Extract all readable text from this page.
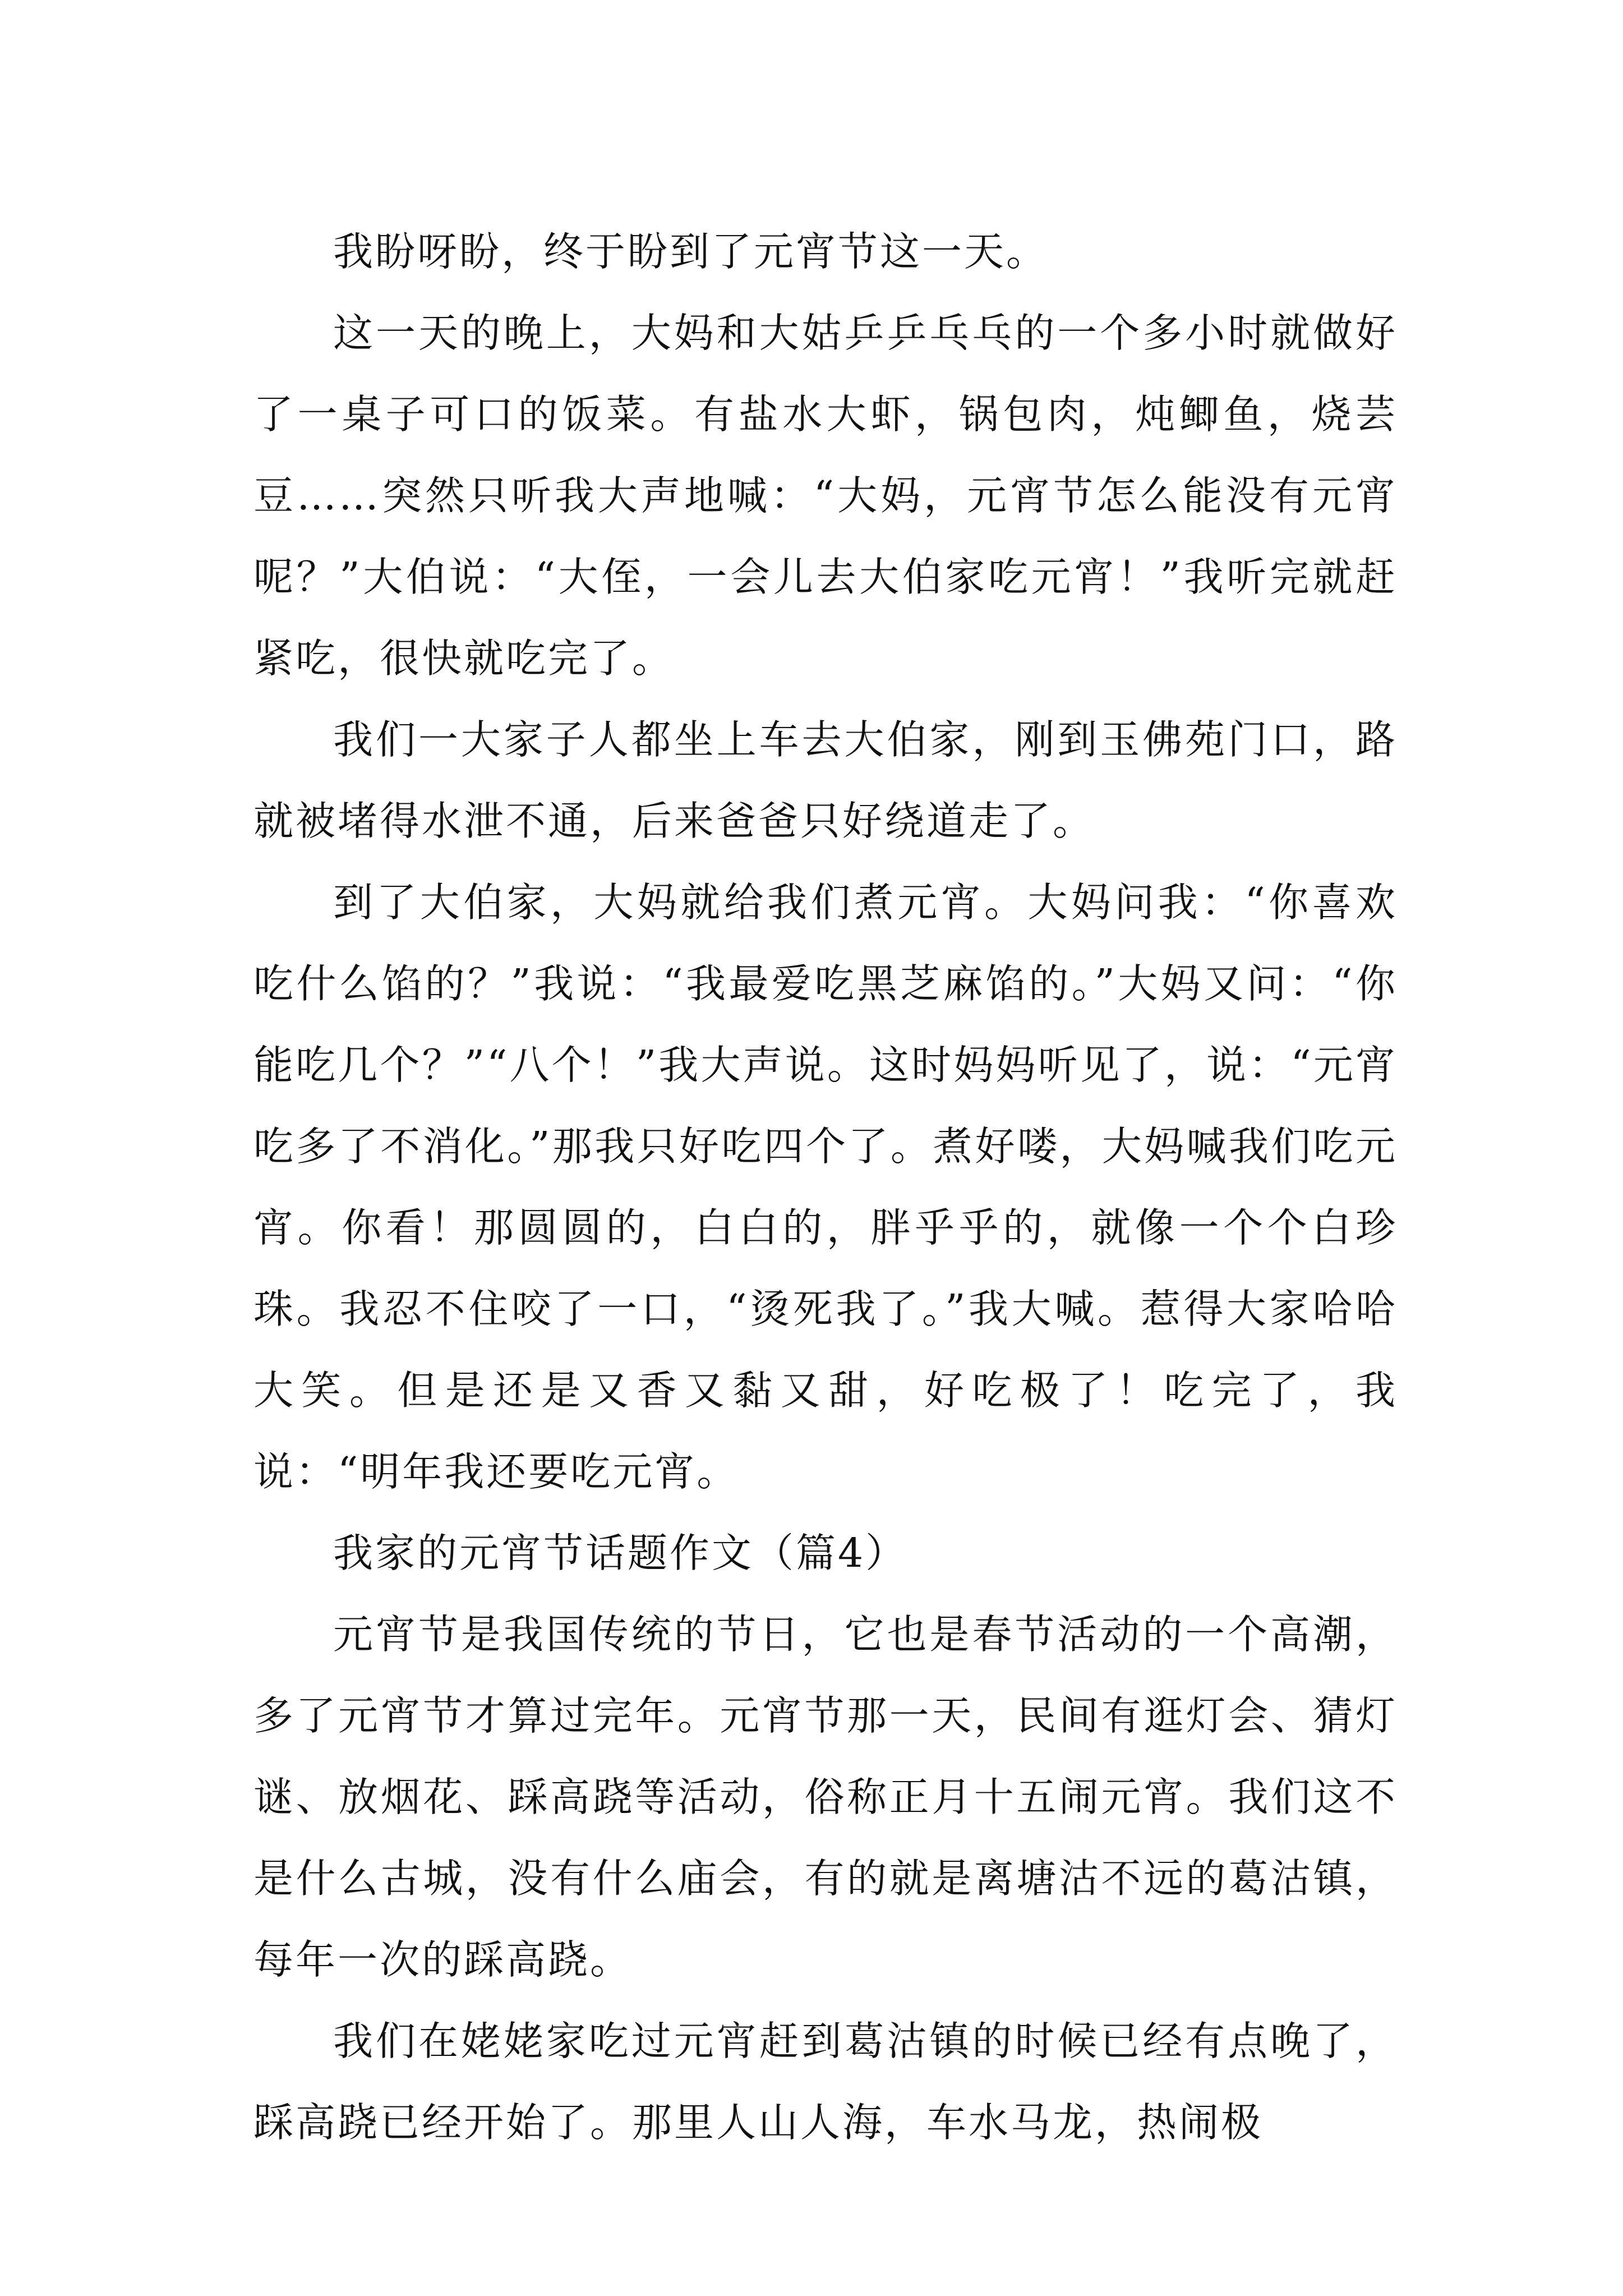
我盼呀盼，终于盼到了元宵节这一天。

这一天的晚上，大妈和大姑乒乒乓乓的一个多小时就做好了一桌子可口的饭菜。有盐水大虾，锅包肉，炖鲫鱼，烧芸豆……突然只听我大声地喊：“大妈，元宵节怎么能没有元宵呢？”大伯说：“大侄，一会儿去大伯家吃元宵！”我听完就赶紧吃，很快就吃完了。

我们一大家子人都坐上车去大伯家，刚到玉佛苑门口，路就被堵得水泄不通，后来爸爸只好绕道走了。

到了大伯家，大妈就给我们煮元宵。大妈问我：“你喜欢吃什么馅的？”我说：“我最爱吃黑芝麻馅的。”大妈又问：“你能吃几个？”“八个！”我大声说。这时妈妈听见了，说：“元宵吃多了不消化。”那我只好吃四个了。煮好喽，大妈喊我们吃元宵。你看！那圆圆的，白白的，胖乎乎的，就像一个个白珍珠。我忍不住咬了一口，“烫死我了。”我大喊。惹得大家哈哈大笑。但是还是又香又黏又甜，好吃极了！吃完了，我说：“明年我还要吃元宵。

我家的元宵节话题作文（篇4）

元宵节是我国传统的节日，它也是春节活动的一个高潮，多了元宵节才算过完年。元宵节那一天，民间有逛灯会、猜灯谜、放烟花、踩高跷等活动，俗称正月十五闹元宵。我们这不是什么古城，没有什么庙会，有的就是离塘沽不远的葛沽镇，每年一次的踩高跷。

我们在姥姥家吃过元宵赶到葛沽镇的时候已经有点晚了，踩高跷已经开始了。那里人山人海，车水马龙，热闹极
